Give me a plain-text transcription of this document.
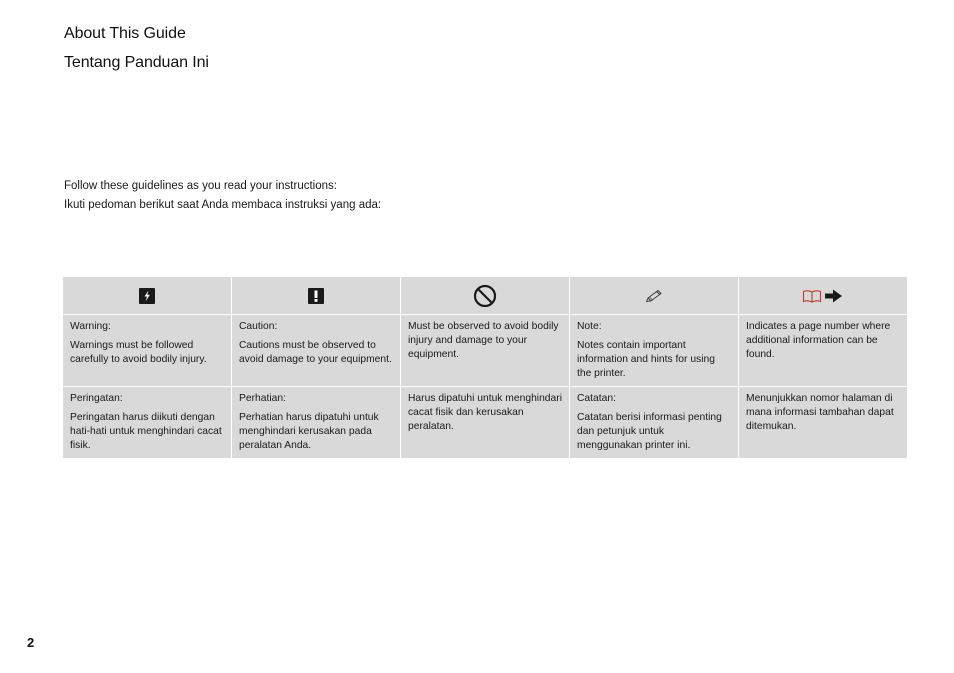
About This Guide
Tentang Panduan Ini

Follow these guidelines as you read your instructions:

Ikuti pedoman berikut saat Anda membaca instruksi yang ada:

Warning:
Warnings must be followed carefully to avoid bodily injury.
Caution:
Cautions must be observed to avoid damage to your equipment.
Must be observed to avoid bodily injury and damage to your equipment.
Note:
Notes contain important information and hints for using the printer.
Indicates a page number where additional information can be found.
Peringatan:
Peringatan harus diikuti dengan hati-hati untuk menghindari cacat fisik.
Perhatian:
Perhatian harus dipatuhi untuk menghindari kerusakan pada peralatan Anda.
Harus dipatuhi untuk menghindari cacat fisik dan kerusakan peralatan.
Catatan:
Catatan berisi informasi penting dan petunjuk untuk menggunakan printer ini.
Menunjukkan nomor halaman di mana informasi tambahan dapat ditemukan.
2
